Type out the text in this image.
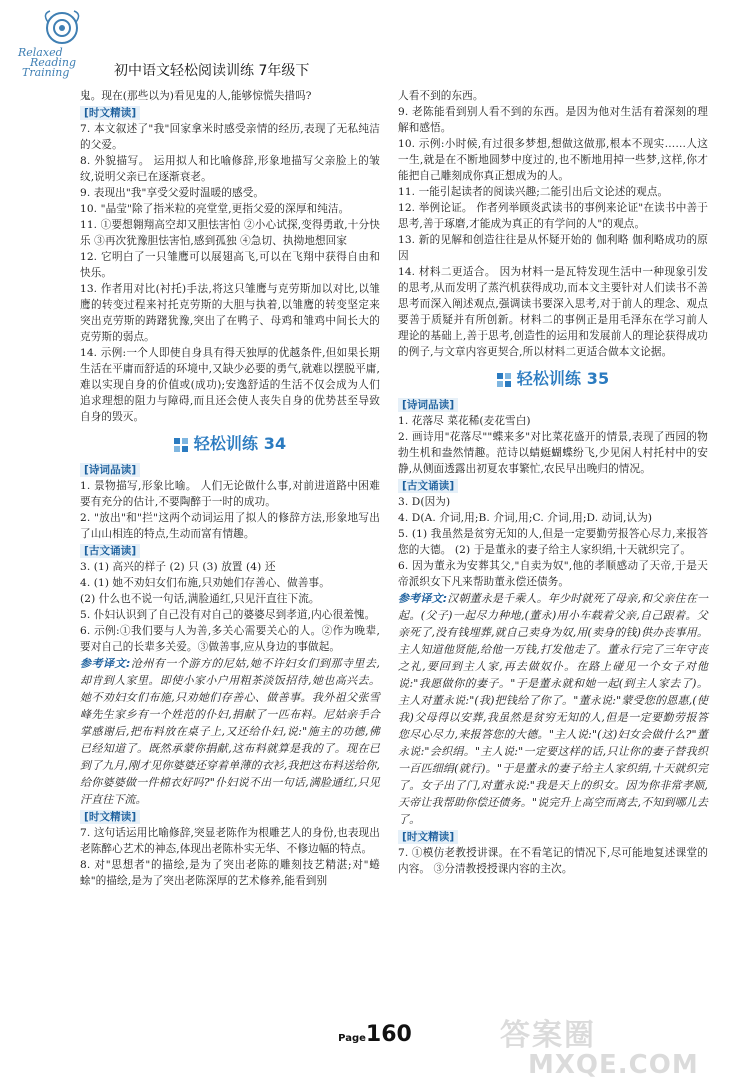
Relaxed
Reading
Training	初中语文轻松阅读训练 7年级下
鬼。现在(那些以为)看见鬼的人,能够惊慌失措吗?
[ 时文精读 ]
7. 本文叙述了"我"回家拿米时感受亲情的经历,表现了无私纯洁的父爱。
8. 外貌描写。 运用拟人和比喻修辞,形象地描写父亲脸上的皱纹,说明父亲已在逐渐衰老。
9. 表现出"我"享受父爱时温暖的感受。
10. "晶莹"除了指米粒的亮堂堂,更指父爱的深厚和纯洁。
11. ①要想翱翔高空却又胆怯害怕 ②小心试探,变得勇敢,十分快乐 ③再次犹豫胆怯害怕,感到孤独 ④急切、执拗地想回家
12. 它明白了一只雏鹰可以展翅高飞,可以在飞翔中获得自由和快乐。
13. 作者用对比(衬托)手法,将这只雏鹰与克劳斯加以对比,以雏鹰的转变过程来衬托克劳斯的大胆与执着,以雏鹰的转变坚定来突出克劳斯的踌躇犹豫,突出了在鸭子、母鸡和雏鸡中间长大的克劳斯的弱点。
14. 示例:一个人即使自身具有得天独厚的优越条件,但如果长期生活在平庸而舒适的环境中,又缺少必要的勇气,就难以摆脱平庸,难以实现自身的价值或(成功);安逸舒适的生活不仅会成为人们追求理想的阻力与障碍,而且还会使人丧失自身的优势甚至导致自身的毁灭。
轻松训练 34
[ 诗词品读 ]
1. 景物描写,形象比喻。 人们无论做什么事,对前进道路中困难要有充分的估计,不要陶醉于一时的成功。
2. "放出"和"拦"这两个动词运用了拟人的修辞方法,形象地写出了山山相连的特点,生动而富有情趣。
[ 古文诵读 ]
3. (1) 高兴的样子 (2) 只 (3) 放置 (4) 还
4. (1) 她不劝妇女们布施,只劝她们存善心、做善事。
(2) 什么也不说一句话,满脸通红,只见汗直往下流。
5. 仆妇认识到了自己没有对自己的婆婆尽到孝道,内心很羞愧。
6. 示例:①我们要与人为善,多关心需要关心的人。②作为晚辈,要对自己的长辈多关爱。③做善事,应从身边的事做起。
参考译文:沧州有一个游方的尼姑,她不许妇女们到那寺里去,却肯到人家里。即使小家小户用粗茶淡饭招待,她也高兴去。她不劝妇女们布施,只劝她们存善心、做善事。我外祖父张雪峰先生家乡有一个姓范的仆妇,捐献了一匹布料。尼姑亲手合掌感谢后,把布料放在桌子上,又还给仆妇,说:"施主的功德,佛已经知道了。既然承蒙你捐献,这布料就算是我的了。现在已到了九月,刚才见你婆婆还穿着单薄的衣衫,我把这布料送给你,给你婆婆做一件棉衣好吗?"仆妇说不出一句话,满脸通红,只见汗直往下流。
[ 时文精读 ]
7. 这句话运用比喻修辞,突显老陈作为根雕艺人的身份,也表现出老陈醉心艺术的神态,体现出老陈朴实无华、不修边幅的特点。
8. 对"思想者"的描绘,是为了突出老陈的雕刻技艺精湛;对"蜷蜍"的描绘,是为了突出老陈深厚的艺术修养,能看到别
人看不到的东西。
9. 老陈能看到别人看不到的东西。是因为他对生活有着深刻的理解和感悟。
10. 示例:小时候,有过很多梦想,想做这做那,根本不现实……人这一生,就是在不断地圆梦中度过的,也不断地用掉一些梦,这样,你才能把自己雕刻成你真正想成为的人。
11. 一能引起读者的阅读兴趣;二能引出后文论述的观点。
12. 举例论证。 作者列举顾炎武读书的事例来论证"在读书中善于思考,善于琢磨,才能成为真正的有学问的人"的观点。
13. 新的见解和创造往往是从怀疑开始的 伽利略 伽利略成功的原因
14. 材料二更适合。 因为材料一是瓦特发现生活中一种现象引发的思考,从而发明了蒸汽机获得成功,而本文主要针对人们读书不善思考而深入阐述观点,强调读书要深入思考,对于前人的理念、观点要善于质疑并有所创新。材料二的事例正是用毛泽东在学习前人理论的基础上,善于思考,创造性的运用和发展前人的理论获得成功的例子,与文章内容更契合,所以材料二更适合做本文论据。
轻松训练 35
[ 诗词品读 ]
1. 花落尽 菜花稀(麦花雪白)
2. 画诗用"花落尽""蝶来多"对比菜花盛开的情景,表现了西园的物勃生机和盎然情趣。范诗以蜻蜓蝴蝶纷飞,少见闲人村托村中的安静,从侧面透露出初夏农事繁忙,农民早出晚归的情况。
[ 古文诵读 ]
3. D(因为)
4. D(A. 介词,用;B. 介词,用;C. 介词,用;D. 动词,认为)
5. (1) 我虽然是贫穷无知的人,但是一定要勤劳报答心尽力,来报答您的大德。 (2) 于是董永的妻子给主人家织绢,十天就织完了。
6. 因为董永为安葬其父,"自卖为奴",他的孝顺感动了天帝,于是天帝派织女下凡来帮助董永偿还债务。
参考译文:汉朝董永是千乘人。年少时就死了母亲,和父亲住在一起。(父子)一起尽力种地,(董永)用小车载着父亲,自己跟着。父亲死了,没有钱埋葬,就自己卖身为奴,用(卖身的钱)供办丧事用。主人知道他贤能,给他一万钱,打发他走了。董永行完了三年守丧之礼,要回到主人家,再去做奴仆。在路上碰见一个女子对他说:"我愿做你的妻子。"于是董永就和她一起(到主人家去了)。主人对董永说:"(我)把钱给了你了。"董永说:"蒙受您的恩惠,(使我)父母得以安葬,我虽然是贫穷无知的人,但是一定要勤劳报答您尽心尽力,来报答您的大德。"主人说:"(这)妇女会做什么?"董永说:"会织绢。"主人说:"一定要这样的话,只让你的妻子替我织一百匹细绢(就行)。"于是董永的妻子给主人家织绢,十天就织完了。女子出了门,对董永说:"我是天上的织女。因为你非常孝顺,天帝让我帮助你偿还债务。"说完升上高空而离去,不知到哪儿去了。
[ 时文精读 ]
7. ①模仿老教授讲课。在不看笔记的情况下,尽可能地复述课堂的内容。 ③分清教授授课内容的主次。
Page160	答案圈
MXQE.COM
